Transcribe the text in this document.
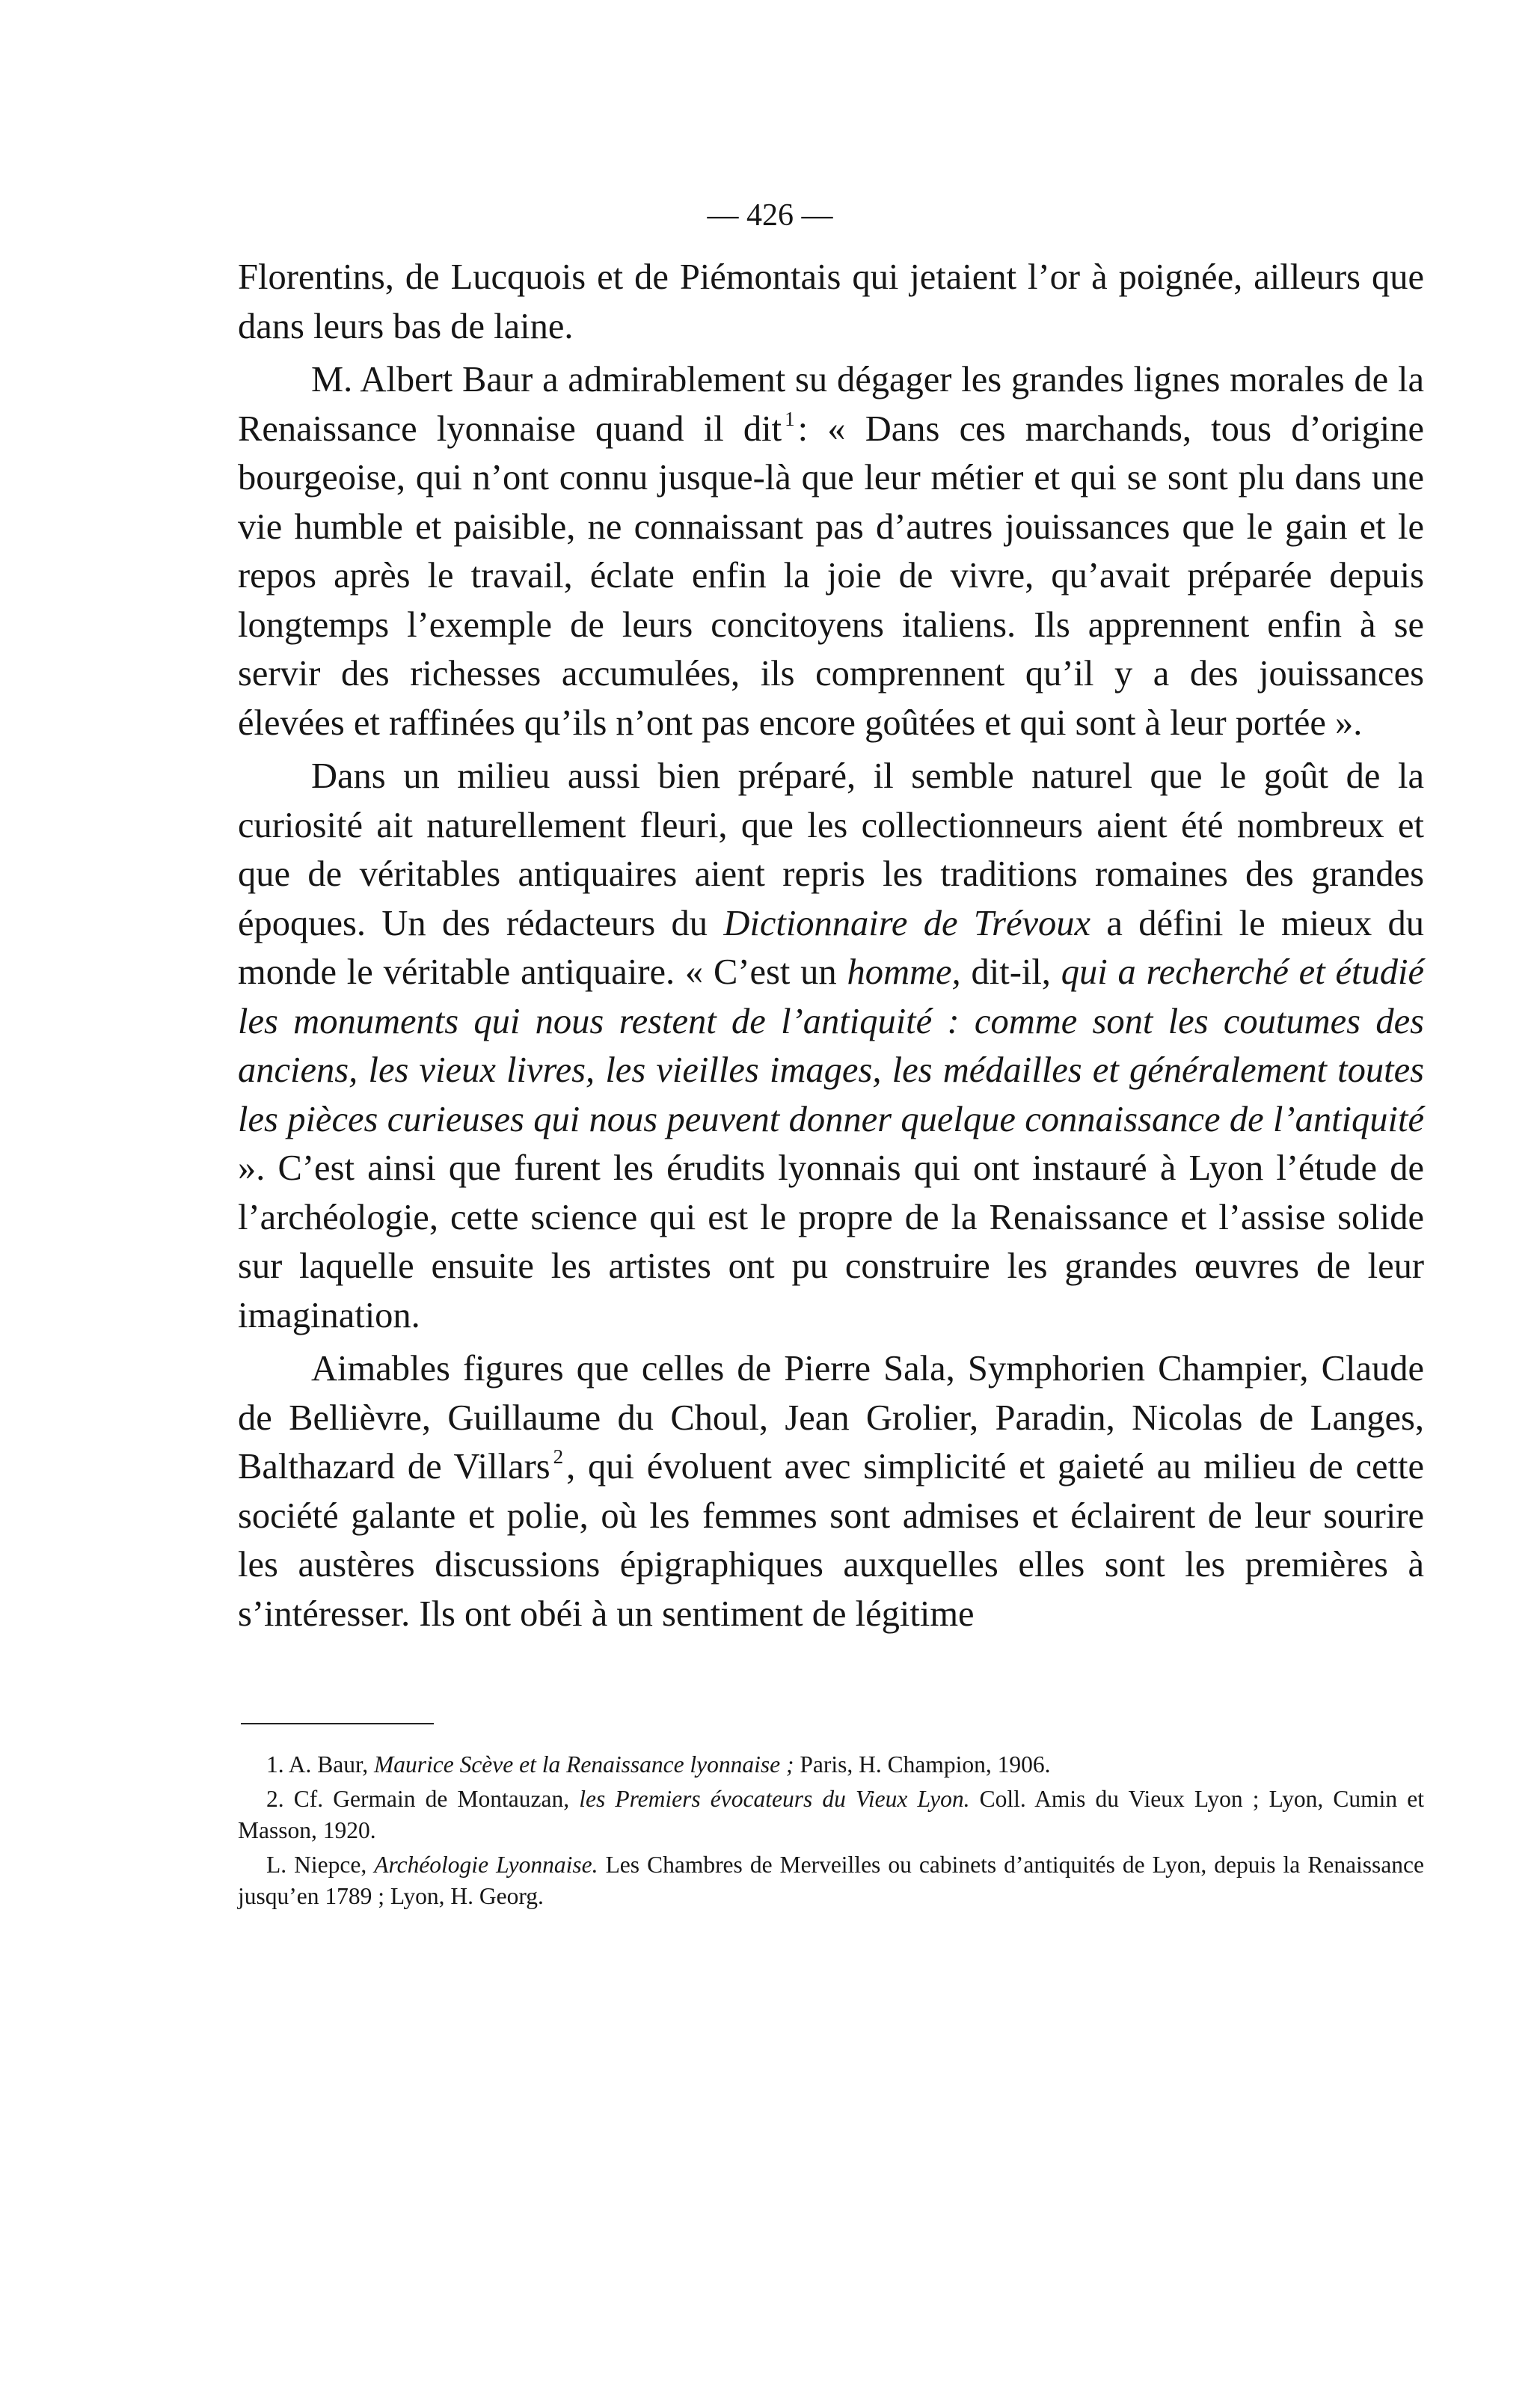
— 426 —

Florentins, de Lucquois et de Piémontais qui jetaient l’or à poignée, ailleurs que dans leurs bas de laine.

M. Albert Baur a admirablement su dégager les grandes lignes morales de la Renaissance lyonnaise quand il dit $^1$: « Dans ces marchands, tous d’origine bourgeoise, qui n’ont connu jusque-là que leur métier et qui se sont plu dans une vie humble et paisible, ne connaissant pas d’autres jouissances que le gain et le repos après le travail, éclate enfin la joie de vivre, qu’avait préparée depuis longtemps l’exemple de leurs concitoyens italiens. Ils apprennent enfin à se servir des richesses accumulées, ils comprennent qu’il y a des jouissances élevées et raffinées qu’ils n’ont pas encore goûtées et qui sont à leur portée ».

Dans un milieu aussi bien préparé, il semble naturel que le goût de la curiosité ait naturellement fleuri, que les collectionneurs aient été nombreux et que de véritables antiquaires aient repris les traditions romaines des grandes époques. Un des rédacteurs du Dictionnaire de Trévoux a défini le mieux du monde le véritable antiquaire. « C’est un homme, dit-il, qui a recherché et étudié les monuments qui nous restent de l’antiquité : comme sont les coutumes des anciens, les vieux livres, les vieilles images, les médailles et généralement toutes les pièces curieuses qui nous peuvent donner quelque connaissance de l’antiquité ». C’est ainsi que furent les érudits lyonnais qui ont instauré à Lyon l’étude de l’archéologie, cette science qui est le propre de la Renaissance et l’assise solide sur laquelle ensuite les artistes ont pu construire les grandes œuvres de leur imagination.

Aimables figures que celles de Pierre Sala, Symphorien Champier, Claude de Bellièvre, Guillaume du Choul, Jean Grolier, Paradin, Nicolas de Langes, Balthazard de Villars $^2$, qui évoluent avec simplicité et gaieté au milieu de cette société galante et polie, où les femmes sont admises et éclairent de leur sourire les austères discussions épigraphiques auxquelles elles sont les premières à s’intéresser. Ils ont obéi à un sentiment de légitime

1. A. Baur, Maurice Scève et la Renaissance lyonnaise ; Paris, H. Champion, 1906.

2. Cf. Germain de Montauzan, les Premiers évocateurs du Vieux Lyon. Coll. Amis du Vieux Lyon ; Lyon, Cumin et Masson, 1920.

L. Niepce, Archéologie Lyonnaise. Les Chambres de Merveilles ou cabinets d’antiquités de Lyon, depuis la Renaissance jusqu’en 1789 ; Lyon, H. Georg.
